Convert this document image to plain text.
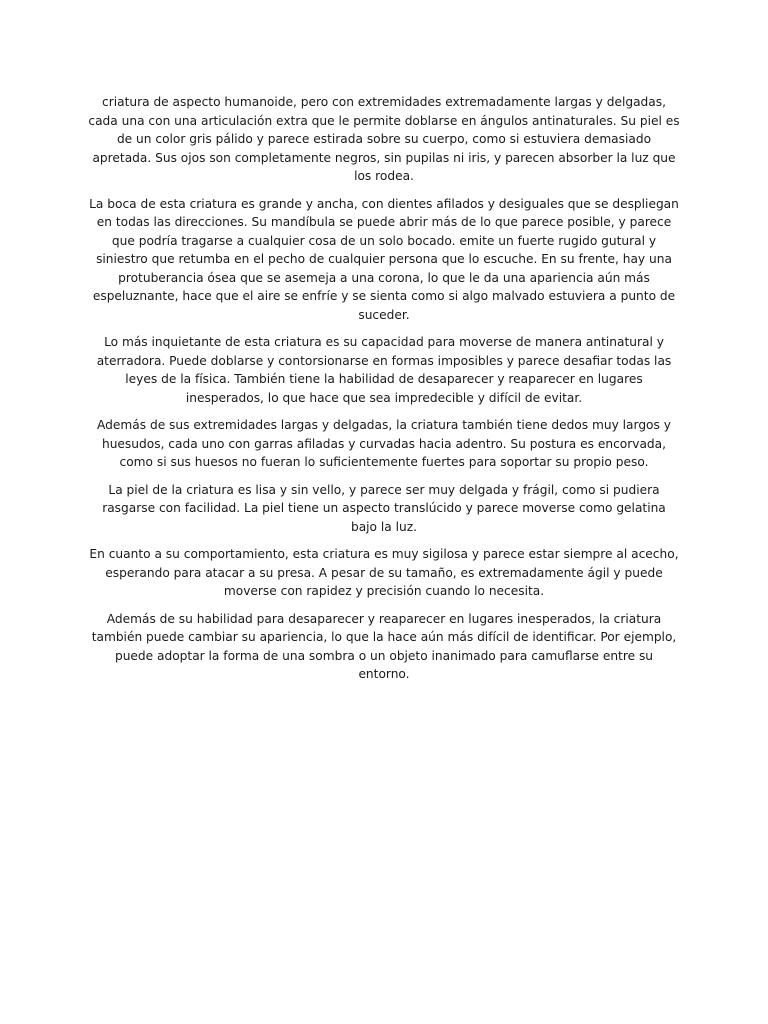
criatura de aspecto humanoide, pero con extremidades extremadamente largas y delgadas, cada una con una articulación extra que le permite doblarse en ángulos antinaturales. Su piel es de un color gris pálido y parece estirada sobre su cuerpo, como si estuviera demasiado apretada. Sus ojos son completamente negros, sin pupilas ni iris, y parecen absorber la luz que los rodea.

La boca de esta criatura es grande y ancha, con dientes afilados y desiguales que se despliegan en todas las direcciones. Su mandíbula se puede abrir más de lo que parece posible, y parece que podría tragarse a cualquier cosa de un solo bocado. emite un fuerte rugido gutural y siniestro que retumba en el pecho de cualquier persona que lo escuche. En su frente, hay una protuberancia ósea que se asemeja a una corona, lo que le da una apariencia aún más espeluznante, hace que el aire se enfríe y se sienta como si algo malvado estuviera a punto de suceder.

Lo más inquietante de esta criatura es su capacidad para moverse de manera antinatural y aterradora. Puede doblarse y contorsionarse en formas imposibles y parece desafiar todas las leyes de la física. También tiene la habilidad de desaparecer y reaparecer en lugares inesperados, lo que hace que sea impredecible y difícil de evitar.

Además de sus extremidades largas y delgadas, la criatura también tiene dedos muy largos y huesudos, cada uno con garras afiladas y curvadas hacia adentro. Su postura es encorvada, como si sus huesos no fueran lo suficientemente fuertes para soportar su propio peso.

La piel de la criatura es lisa y sin vello, y parece ser muy delgada y frágil, como si pudiera rasgarse con facilidad. La piel tiene un aspecto translúcido y parece moverse como gelatina bajo la luz.

En cuanto a su comportamiento, esta criatura es muy sigilosa y parece estar siempre al acecho, esperando para atacar a su presa. A pesar de su tamaño, es extremadamente ágil y puede moverse con rapidez y precisión cuando lo necesita.

Además de su habilidad para desaparecer y reaparecer en lugares inesperados, la criatura también puede cambiar su apariencia, lo que la hace aún más difícil de identificar. Por ejemplo, puede adoptar la forma de una sombra o un objeto inanimado para camuflarse entre su entorno.
